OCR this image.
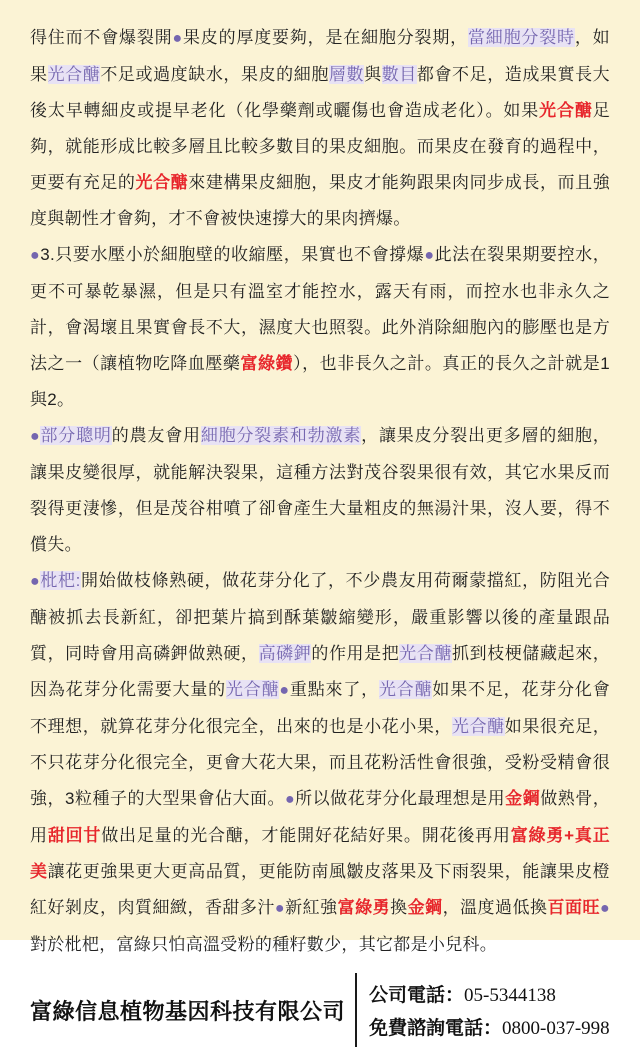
得住而不會爆裂開●果皮的厚度要夠，是在細胞分裂期，當細胞分裂時，如果光合醣不足或過度缺水，果皮的細胞層數與數目都會不足，造成果實長大後太早轉細皮或提早老化（化學藥劑或曬傷也會造成老化）。如果光合醣足夠，就能形成比較多層且比較多數目的果皮細胞。而果皮在發育的過程中，更要有充足的光合醣來建構果皮細胞，果皮才能夠跟果肉同步成長，而且強度與韌性才會夠，才不會被快速撐大的果肉擠爆。

●3.只要水壓小於細胞壁的收縮壓，果實也不會撐爆●此法在裂果期要控水，更不可暴乾暴濕，但是只有溫室才能控水，露天有雨，而控水也非永久之計，會渴壞且果實會長不大，濕度大也照裂。此外消除細胞內的膨壓也是方法之一（讓植物吃降血壓藥富綠鑽），也非長久之計。真正的長久之計就是1與2。

●部分聰明的農友會用細胞分裂素和勃激素，讓果皮分裂出更多層的細胞，讓果皮變很厚，就能解決裂果，這種方法對茂谷裂果很有效，其它水果反而裂得更淒慘，但是茂谷柑噴了卻會產生大量粗皮的無湯汁果，沒人要，得不償失。

●枇杷:開始做枝條熟硬，做花芽分化了，不少農友用荷爾蒙擋紅，防阻光合醣被抓去長新紅，卻把葉片搞到酥葉皺縮變形，嚴重影響以後的產量跟品質，同時會用高磷鉀做熟硬，高磷鉀的作用是把光合醣抓到枝梗儲藏起來，因為花芽分化需要大量的光合醣●重點來了，光合醣如果不足，花芽分化會不理想，就算花芽分化很完全，出來的也是小花小果，光合醣如果很充足，不只花芽分化很完全，更會大花大果，而且花粉活性會很強，受粉受精會很強，3粒種子的大型果會佔大面。●所以做花芽分化最理想是用金鋼做熟骨，用甜回甘做出足量的光合醣，才能開好花結好果。開花後再用富綠勇+真正美讓花更強果更大更高品質，更能防南風皺皮落果及下雨裂果，能讓果皮橙紅好剝皮，肉質細緻，香甜多汁●新紅強富綠勇換金鋼，溫度過低換百面旺●對於枇杷，富綠只怕高溫受粉的種籽數少，其它都是小兒科。

富綠信息植物基因科技有限公司
公司電話：05-5344138
免費諮詢電話：0800-037-998
